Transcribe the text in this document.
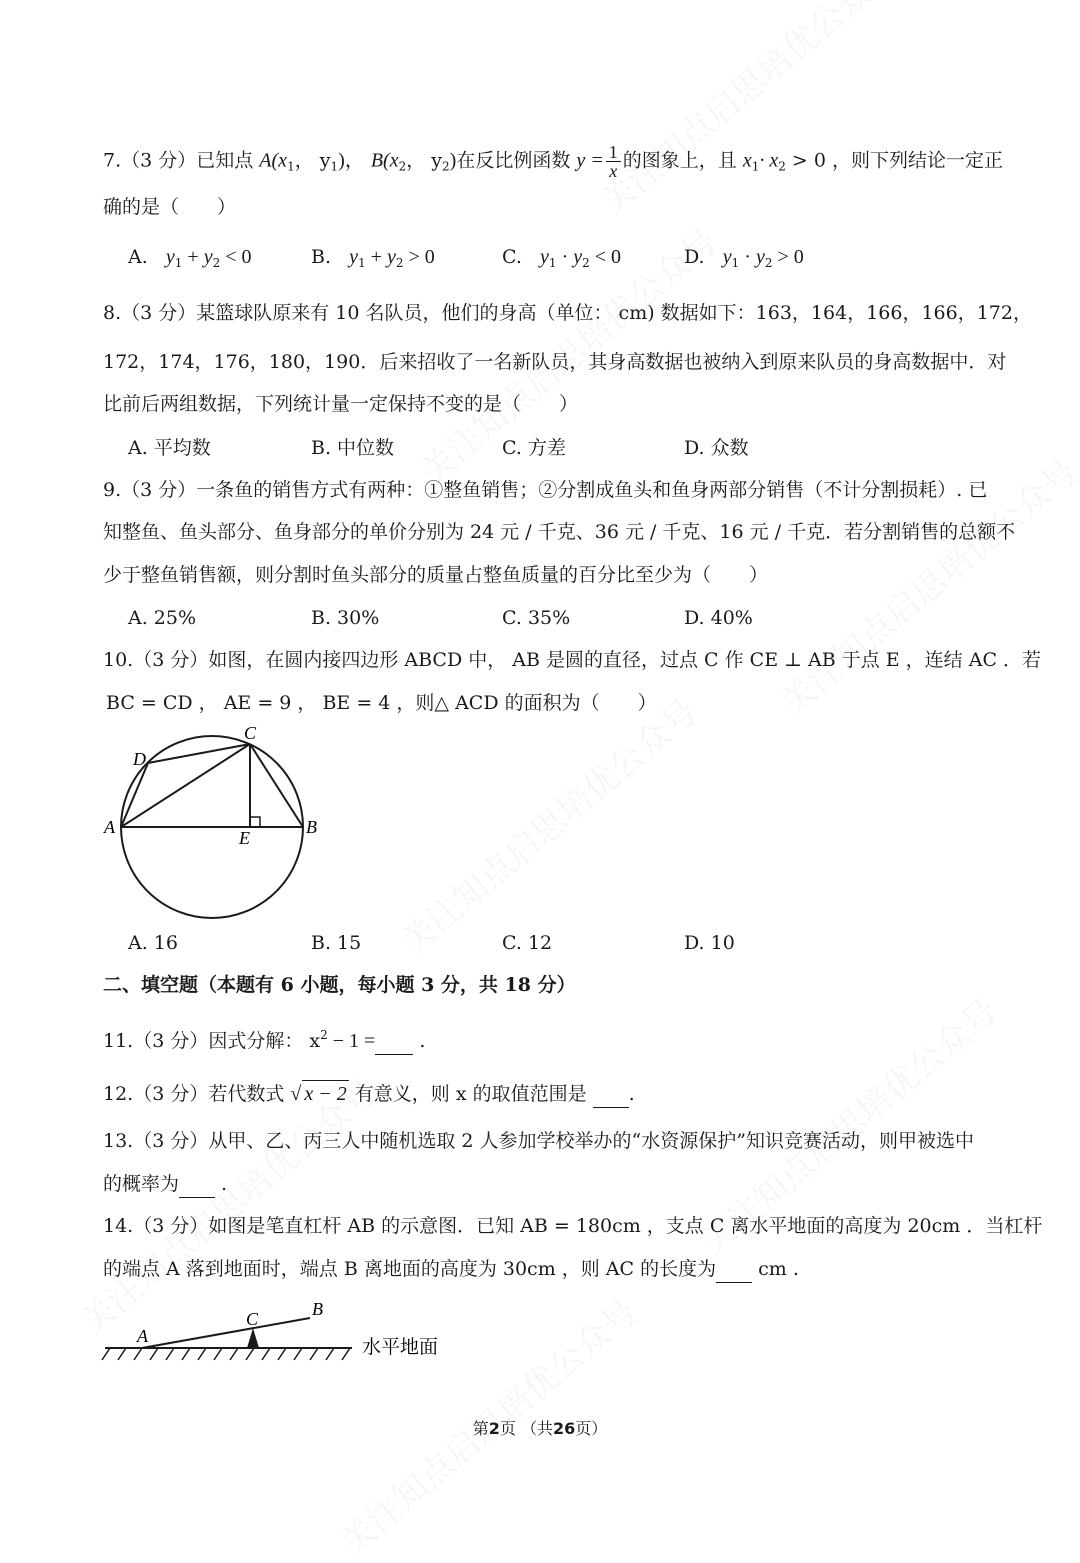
7.（3 分）已知点 $A(x_1$， $y_1$)， $B(x_2$， $y_2$)在反比例函数 $y = \frac{1}{x}$ 的图象上，且 $x_1\cdot x_2 > 0$ ，则下列结论一定正
确的是（　　）
A. $y_1 + y_2 < 0$	B. $y_1 + y_2 > 0$	C. $y_1 \cdot y_2 < 0$	D. $y_1 \cdot y_2 > 0$
8.（3 分）某篮球队原来有 10 名队员，他们的身高（单位： cm) 数据如下：163，164，166，166，172，
172，174，176，180，190．后来招收了一名新队员，其身高数据也被纳入到原来队员的身高数据中．对
比前后两组数据，下列统计量一定保持不变的是（　　）
A. 平均数	B. 中位数	C. 方差	D. 众数
9.（3 分）一条鱼的销售方式有两种：①整鱼销售；②分割成鱼头和鱼身两部分销售（不计分割损耗）. 已
知整鱼、鱼头部分、鱼身部分的单价分别为 24 元 / 千克、36 元 / 千克、16 元 / 千克．若分割销售的总额不
少于整鱼销售额，则分割时鱼头部分的质量占整鱼质量的百分比至少为（　　）
A. 25%	B. 30%	C. 35%	D. 40%
10.（3 分）如图，在圆内接四边形 ABCD 中， AB 是圆的直径，过点 C 作 CE ⊥ AB 于点 E ，连结 AC ．若
BC = CD ， AE = 9 ， BE = 4 ，则△ ACD 的面积为（　　）
A	B
C
D
E
A. 16	B. 15	C. 12	D. 10
二、填空题（本题有 6 小题，每小题 3 分，共 18 分）
11.（3 分）因式分解： $x^2 - 1$ =  .
12.（3 分）若代数式 √ x − 2 有意义，则 x 的取值范围是  .
13.（3 分）从甲、乙、丙三人中随机选取 2 人参加学校举办的“水资源保护”知识竞赛活动，则甲被选中
的概率为  .
14.（3 分）如图是笔直杠杆 AB 的示意图．已知 AB = 180cm ，支点 C 离水平地面的高度为 20cm ．当杠杆
的端点 A 落到地面时，端点 B 离地面的高度为 30cm ，则 AC 的长度为  cm .
A
C	B
水平地面
第2页 （共26页）
